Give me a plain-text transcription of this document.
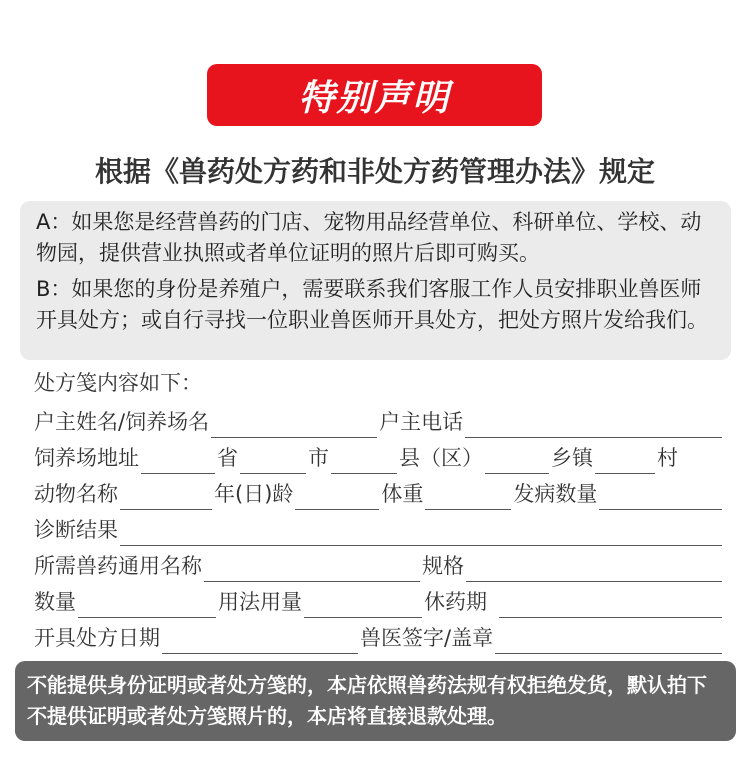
特别声明
根据《兽药处方药和非处方药管理办法》规定

A：如果您是经营兽药的门店、宠物用品经营单位、科研单位、学校、动物园，提供营业执照或者单位证明的照片后即可购买。

B：如果您的身份是养殖户，需要联系我们客服工作人员安排职业兽医师开具处方；或自行寻找一位职业兽医师开具处方，把处方照片发给我们。

处方笺内容如下：
户主姓名/饲养场名	户主电话
饲养场地址	省	市	县（区）	乡镇	村
动物名称	年(日)龄	体重	发病数量
诊断结果
所需兽药通用名称	规格
数量	用法用量	休药期
开具处方日期	兽医签字/盖章
不能提供身份证明或者处方笺的，本店依照兽药法规有权拒绝发货，默认拍下不提供证明或者处方笺照片的，本店将直接退款处理。
